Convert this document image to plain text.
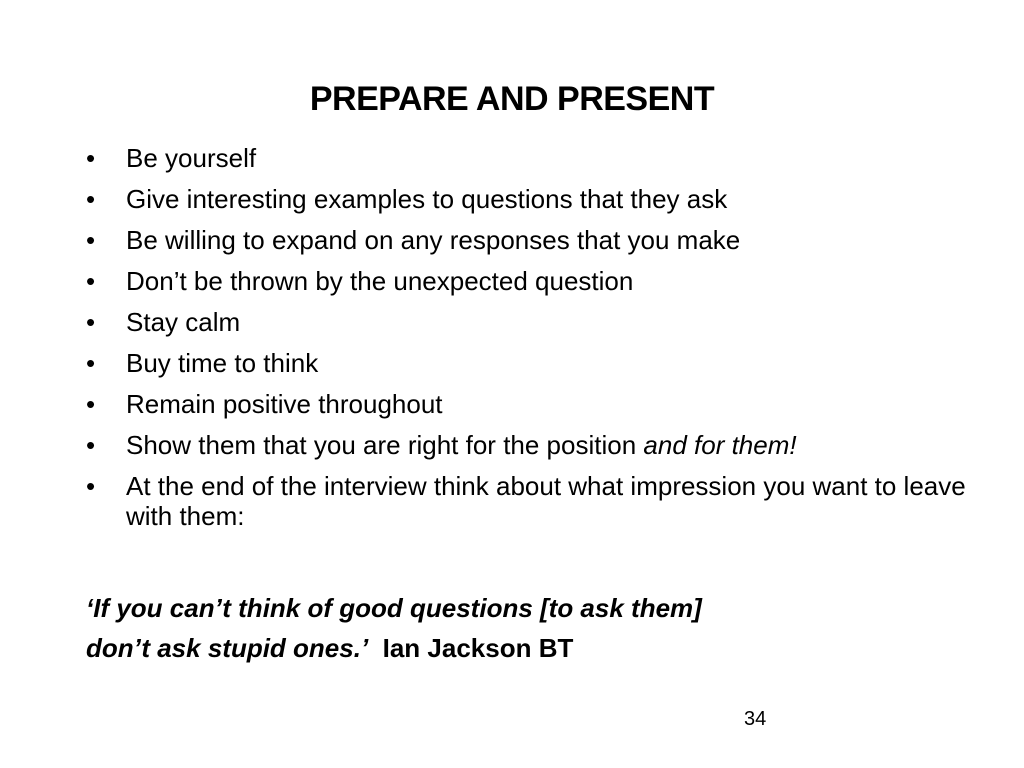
PREPARE AND PRESENT
•	Be yourself
•	Give interesting examples to questions that they ask
•	Be willing to expand on any responses that you make
•	Don’t be thrown by the unexpected question
•	Stay calm
•	Buy time to think
•	Remain positive throughout
•	Show them that you are right for the position and for them!
•	At the end of the interview think about what impression you want to leave with them:
‘If you can’t think of good questions [to ask them]
don’t ask stupid ones.’ Ian Jackson BT
34
